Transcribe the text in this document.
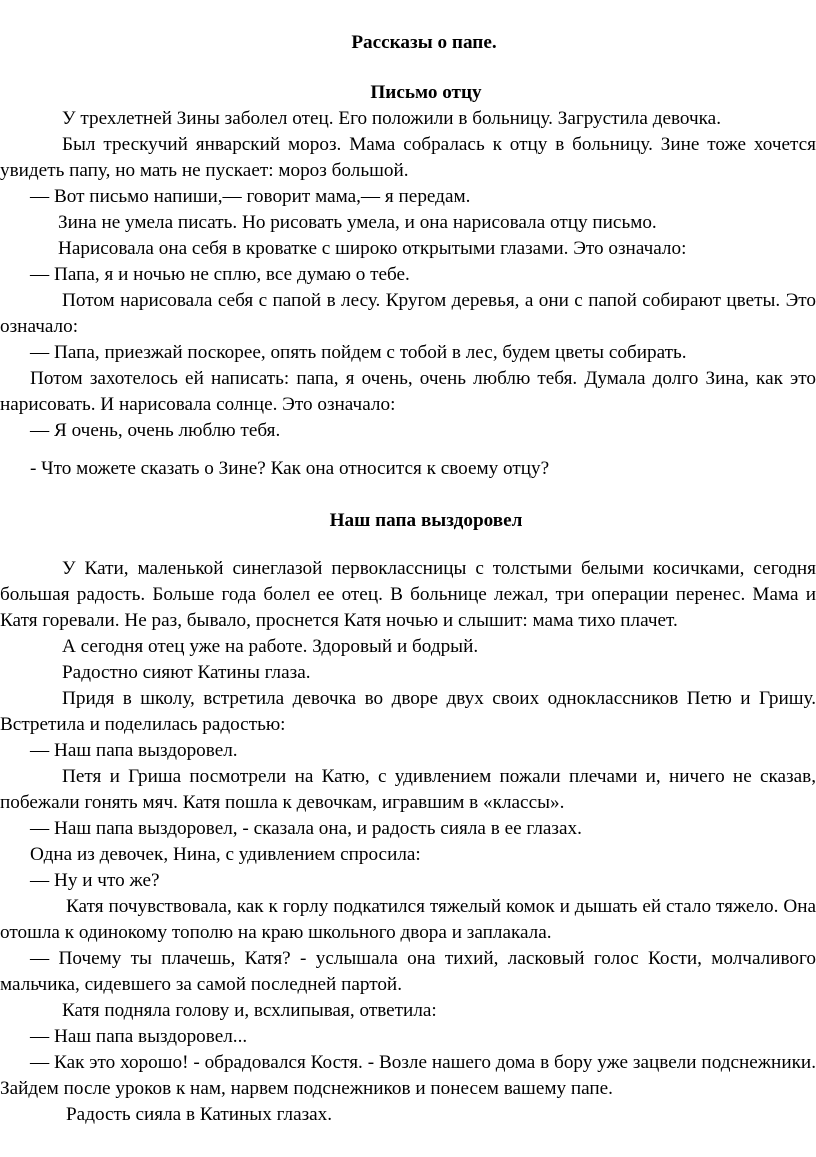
Рассказы о папе.

Письмо отцу

У трехлетней Зины заболел отец. Его положили в больницу. Загрустила девочка.

Был трескучий январский мороз. Мама собралась к отцу в больницу. Зине тоже хочется увидеть папу, но мать не пускает: мороз большой.

— Вот письмо напиши,— говорит мама,— я передам.

Зина не умела писать. Но рисовать умела, и она нарисовала отцу письмо.

Нарисовала она себя в кроватке с широко открытыми глазами. Это означало:

— Папа, я и ночью не сплю, все думаю о тебе.

Потом нарисовала себя с папой в лесу. Кругом деревья, а они с папой собирают цветы. Это означало:

— Папа, приезжай поскорее, опять пойдем с тобой в лес, будем цветы собирать.

Потом захотелось ей написать: папа, я очень, очень люблю тебя. Думала долго Зина, как это нарисовать. И нарисовала солнце. Это означало:

— Я очень, очень люблю тебя.

- Что можете сказать о Зине? Как она относится к своему отцу?

Наш папа выздоровел

У Кати, маленькой синеглазой первоклассницы с толстыми белыми косичками, сегодня большая радость. Больше года болел ее отец. В больнице лежал, три операции перенес. Мама и Катя горевали. Не раз, бывало, проснется Катя ночью и слышит: мама тихо плачет.

А сегодня отец уже на работе. Здоровый и бодрый.

Радостно сияют Катины глаза.

Придя в школу, встретила девочка во дворе двух своих одноклассников Петю и Гришу. Встретила и поделилась радостью:

— Наш папа выздоровел.

Петя и Гриша посмотрели на Катю, с удивлением пожали плечами и, ничего не сказав, побежали гонять мяч. Катя пошла к девочкам, игравшим в «классы».

— Наш папа выздоровел, - сказала она, и радость сияла в ее глазах.

Одна из девочек, Нина, с удивлением спросила:

— Ну и что же?

Катя почувствовала, как к горлу подкатился тяжелый комок и дышать ей стало тяжело. Она отошла к одинокому тополю на краю школьного двора и заплакала.

— Почему ты плачешь, Катя? - услышала она тихий, ласковый голос Кости, молчаливого мальчика, сидевшего за самой последней партой.

Катя подняла голову и, всхлипывая, ответила:

— Наш папа выздоровел...

— Как это хорошо! - обрадовался Костя. - Возле нашего дома в бору уже зацвели подснежники. Зайдем после уроков к нам, нарвем подснежников и понесем вашему папе.

Радость сияла в Катиных глазах.
